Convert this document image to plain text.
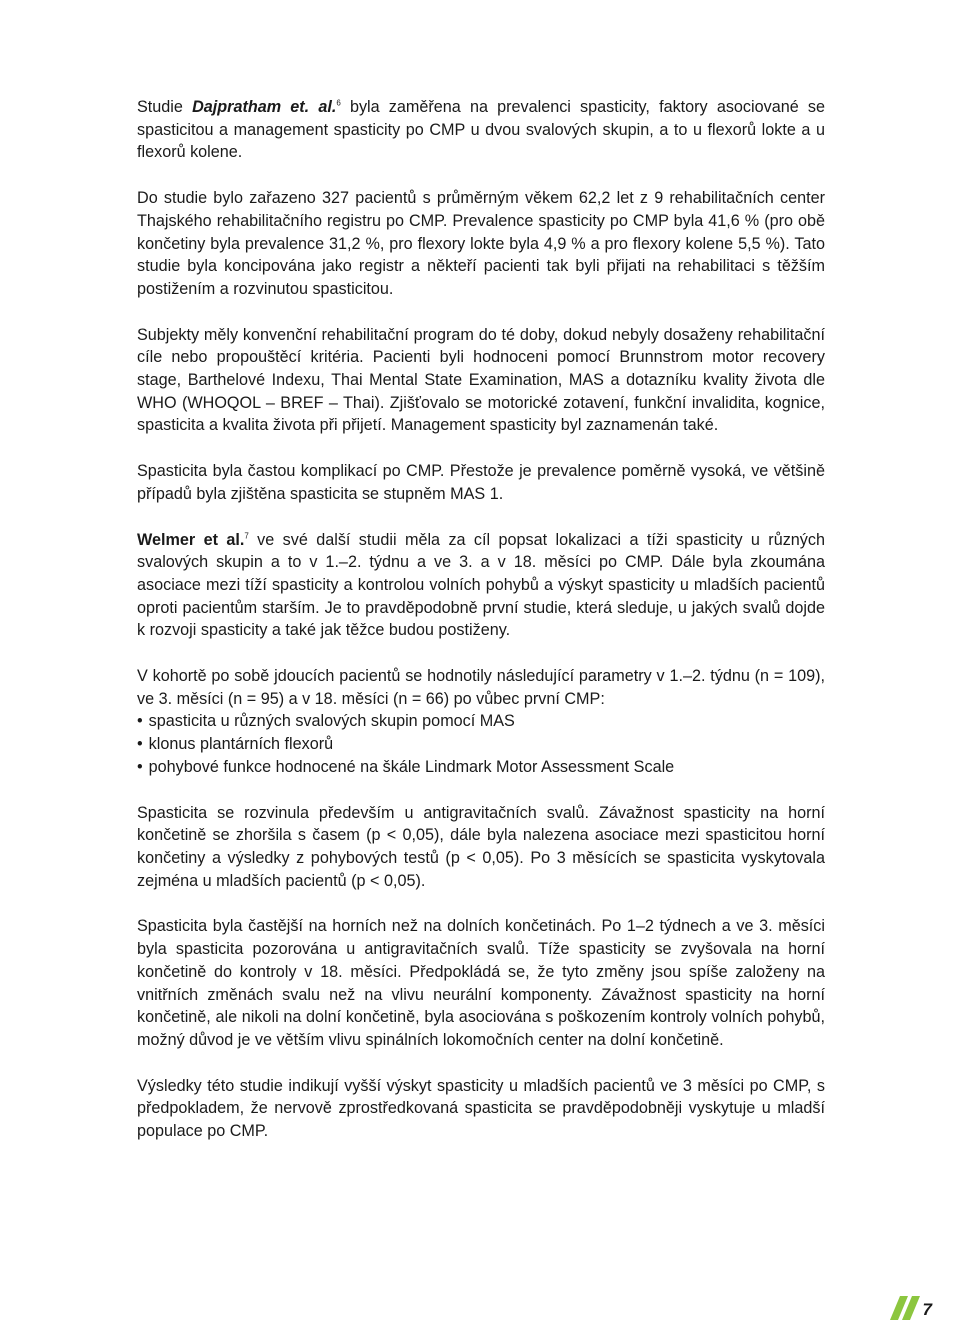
Studie Dajpratham et. al.$^6$ byla zaměřena na prevalenci spasticity, faktory asociované se spasticitou a management spasticity po CMP u dvou svalových skupin, a to u flexorů lokte a u flexorů kolene.

Do studie bylo zařazeno 327 pacientů s průměrným věkem 62,2 let z 9 rehabilitačních center Thajského rehabilitačního registru po CMP. Prevalence spasticity po CMP byla 41,6 % (pro obě končetiny byla prevalence 31,2 %, pro flexory lokte byla 4,9 % a pro flexory kolene 5,5 %). Tato studie byla koncipována jako registr a někteří pacienti tak byli přijati na rehabilitaci s těžším postižením a rozvinutou spasticitou.

Subjekty měly konvenční rehabilitační program do té doby, dokud nebyly dosaženy rehabilitační cíle nebo propouštěcí kritéria. Pacienti byli hodnoceni pomocí Brunnstrom motor recovery stage, Barthelové Indexu, Thai Mental State Examination, MAS a dotazníku kvality života dle WHO (WHOQOL – BREF – Thai). Zjišťovalo se motorické zotavení, funkční invalidita, kognice, spasticita a kvalita života při přijetí. Management spasticity byl zaznamenán také.

Spasticita byla častou komplikací po CMP. Přestože je prevalence poměrně vysoká, ve většině případů byla zjištěna spasticita se stupněm MAS 1.

Welmer et al.$^7$ ve své další studii měla za cíl popsat lokalizaci a tíži spasticity u různých svalových skupin a to v 1.–2. týdnu a ve 3. a v 18. měsíci po CMP. Dále byla zkoumána asociace mezi tíží spasticity a kontrolou volních pohybů a výskyt spasticity u mladších pacientů oproti pacientům starším. Je to pravděpodobně první studie, která sleduje, u jakých svalů dojde k rozvoji spasticity a také jak těžce budou postiženy.

V kohortě po sobě jdoucích pacientů se hodnotily následující parametry v 1.–2. týdnu (n = 109), ve 3. měsíci (n = 95) a v 18. měsíci (n = 66) po vůbec první CMP:

• spasticita u různých svalových skupin pomocí MAS
• klonus plantárních flexorů
• pohybové funkce hodnocené na škále Lindmark Motor Assessment Scale

Spasticita se rozvinula především u antigravitačních svalů. Závažnost spasticity na horní končetině se zhoršila s časem (p < 0,05), dále byla nalezena asociace mezi spasticitou horní končetiny a výsledky z pohybových testů (p < 0,05). Po 3 měsících se spasticita vyskytovala zejména u mladších pacientů (p < 0,05).

Spasticita byla častější na horních než na dolních končetinách. Po 1–2 týdnech a ve 3. měsíci byla spasticita pozorována u antigravitačních svalů. Tíže spasticity se zvyšovala na horní končetině do kontroly v 18. měsíci. Předpokládá se, že tyto změny jsou spíše založeny na vnitřních změnách svalu než na vlivu neurální komponenty. Závažnost spasticity na horní končetině, ale nikoli na dolní končetině, byla asociována s poškozením kontroly volních pohybů, možný důvod je ve větším vlivu spinálních lokomočních center na dolní končetině.

Výsledky této studie indikují vyšší výskyt spasticity u mladších pacientů ve 3 měsíci po CMP, s předpokladem, že nervově zprostředkovaná spasticita se pravděpodobněji vyskytuje u mladší populace po CMP.

7
